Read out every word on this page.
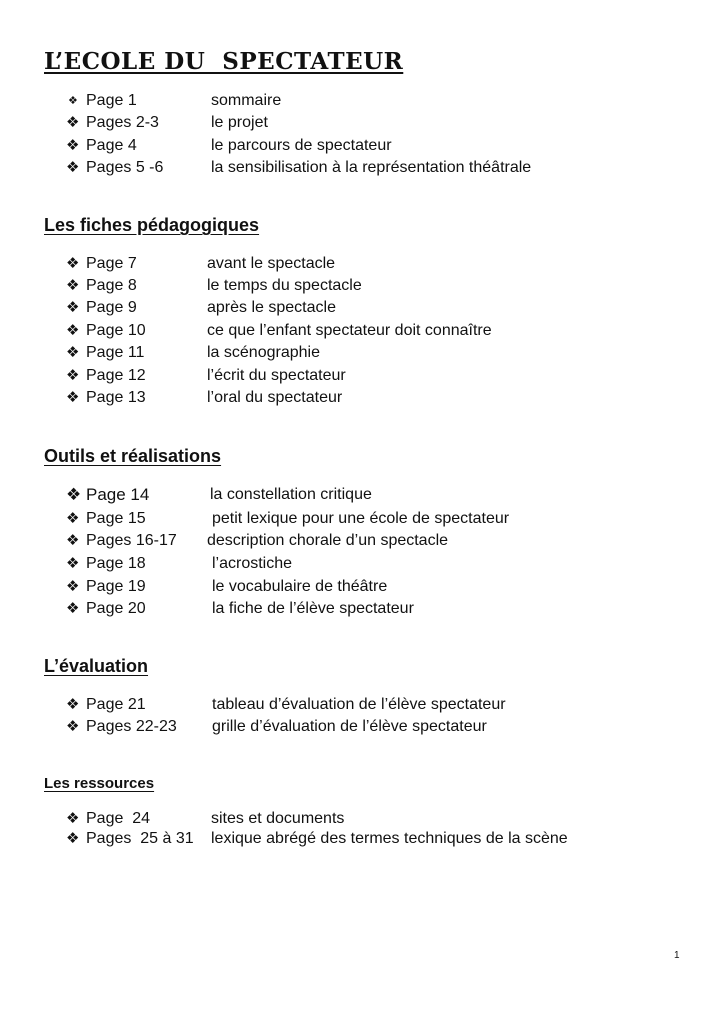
L’ECOLE DU  SPECTATEUR

❖

Page 1

	sommaire

❖

Pages 2-3

	le projet

❖

Page 4

	le parcours de spectateur

❖

Pages 5 -6

	la sensibilisation à la représentation théâtrale

Les fiches pédagogiques

❖

Page 7

	avant le spectacle

❖

Page 8

	le temps du spectacle

❖

Page 9

	après le spectacle

❖

Page 10

	ce que l’enfant spectateur doit connaître

❖

Page 11

	la scénographie

❖

Page 12

	l’écrit du spectateur

❖

Page 13

	l’oral du spectateur

Outils et réalisations

❖

Page 14

	la constellation critique

❖

Page 15

	petit lexique pour une école de spectateur

❖

Pages 16-17

description chorale d’un spectacle

❖

Page 18

	l’acrostiche

❖

Page 19

	le vocabulaire de théâtre

❖

Page 20

	la fiche de l’élève spectateur

L’évaluation

❖

Page 21

	tableau d’évaluation de l’élève spectateur

❖

Pages 22-23

grille d’évaluation de l’élève spectateur

Les ressources

❖

Page  24

	sites et documents

❖

Pages  25 à 31

lexique abrégé des termes techniques de la scène

1
